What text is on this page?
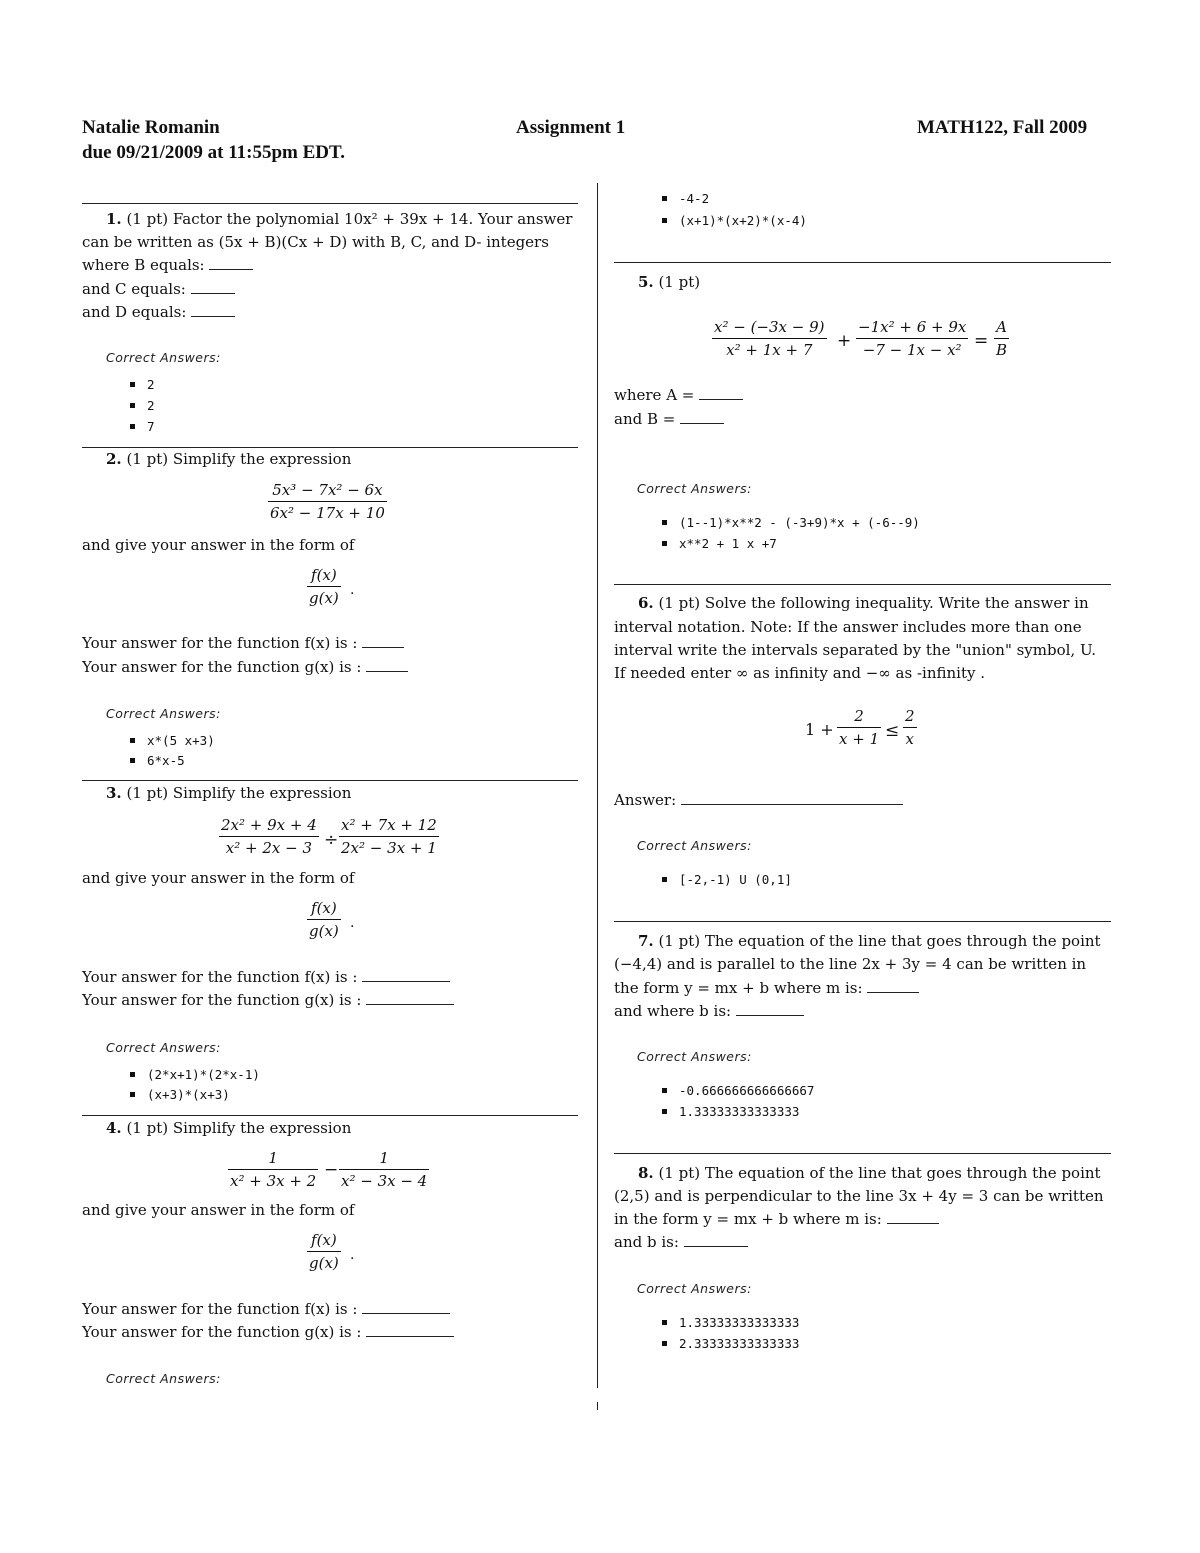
Natalie Romanin	Assignment 1	MATH122, Fall 2009
due 09/21/2009 at 11:55pm EDT.
1. (1 pt) Factor the polynomial 10x² + 39x + 14. Your answer
can be written as (5x + B)(Cx + D) with B, C, and D- integers
where B equals:
and C equals:
and D equals:
Correct Answers:
2
2
7
2. (1 pt) Simplify the expression
$\frac{\text{5x³ − 7x² − 6x}}{\text{6x² − 17x + 10}}$
and give your answer in the form of
$\frac{f(x)}{g(x)}$ .
Your answer for the function f(x) is :
Your answer for the function g(x) is :
Correct Answers:
x*(5 x+3)
6*x-5
3. (1 pt) Simplify the expression
$\frac{\text{2x² + 9x + 4}}{\text{x² + 2x − 3}} \div \frac{\text{x² + 7x + 12}}{\text{2x² − 3x + 1}}$
and give your answer in the form of
$\frac{f(x)}{g(x)}$ .
Your answer for the function f(x) is :
Your answer for the function g(x) is :
Correct Answers:
(2*x+1)*(2*x-1)
(x+3)*(x+3)
4. (1 pt) Simplify the expression
$\frac{1}{\text{x² + 3x + 2}} - \frac{1}{\text{x² − 3x − 4}}$
and give your answer in the form of
$\frac{f(x)}{g(x)}$ .
Your answer for the function f(x) is :
Your answer for the function g(x) is :
Correct Answers:
-4-2
(x+1)*(x+2)*(x-4)
5. (1 pt)
$\frac{\text{x² − (−3x − 9)}}{\text{x² + 1x + 7}} + \frac{\text{−1x² + 6 + 9x}}{\text{−7 − 1x − x²}} = \frac{A}{B}$
where A =
and B =
Correct Answers:
(1--1)*x**2 - (-3+9)*x + (-6--9)
x**2 + 1 x +7
6. (1 pt) Solve the following inequality. Write the answer in
interval notation. Note: If the answer includes more than one
interval write the intervals separated by the "union" symbol, U.
If needed enter ∞ as infinity and −∞ as -infinity .
$1 + \frac{2}{x + 1} \le \frac{2}{x}$
Answer:
Correct Answers:
[-2,-1) U (0,1]
7. (1 pt) The equation of the line that goes through the point
(−4,4) and is parallel to the line 2x + 3y = 4 can be written in
the form y = mx + b where m is:
and where b is:
Correct Answers:
-0.666666666666667
1.33333333333333
8. (1 pt) The equation of the line that goes through the point
(2,5) and is perpendicular to the line 3x + 4y = 3 can be written
in the form y = mx + b where m is:
and b is:
Correct Answers:
1.33333333333333
2.33333333333333
